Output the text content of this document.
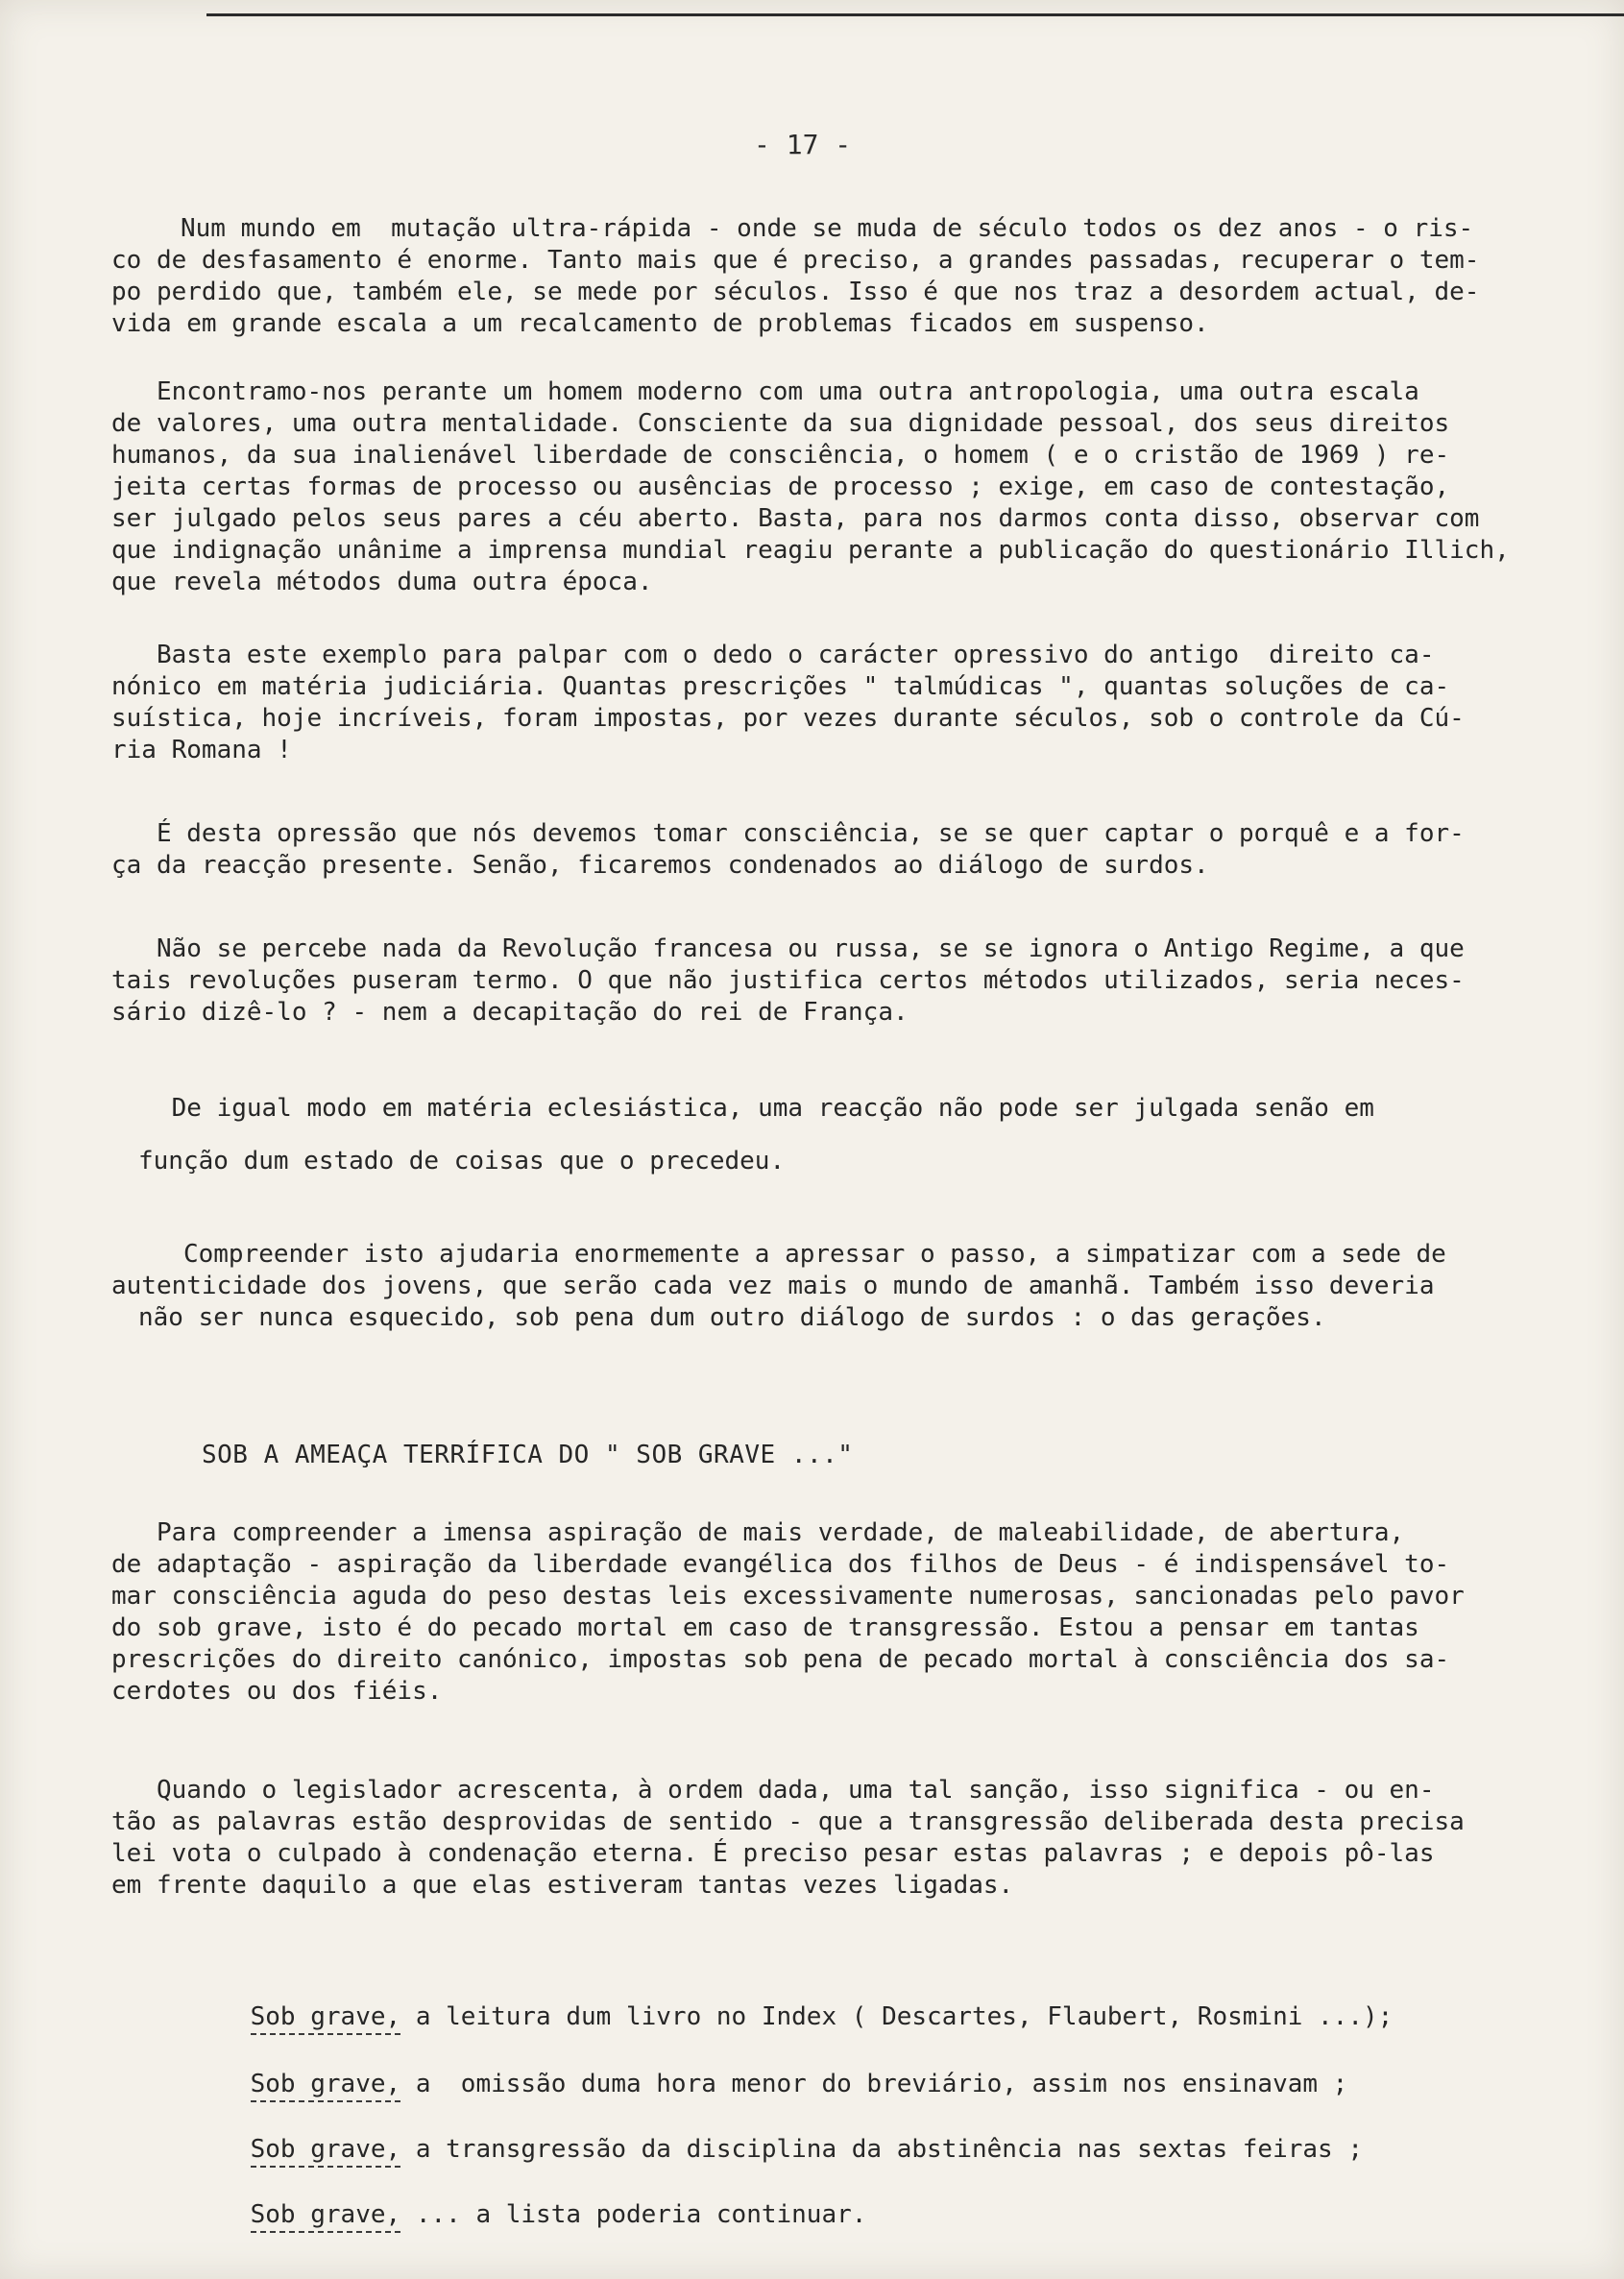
- 17 -
Num mundo em  mutação ultra-rápida - onde se muda de século todos os dez anos - o ris-
co de desfasamento é enorme. Tanto mais que é preciso, a grandes passadas, recuperar o tem-
po perdido que, também ele, se mede por séculos. Isso é que nos traz a desordem actual, de-
vida em grande escala a um recalcamento de problemas ficados em suspenso.
Encontramo-nos perante um homem moderno com uma outra antropologia, uma outra escala
de valores, uma outra mentalidade. Consciente da sua dignidade pessoal, dos seus direitos
humanos, da sua inalienável liberdade de consciência, o homem ( e o cristão de 1969 ) re-
jeita certas formas de processo ou ausências de processo ; exige, em caso de contestação,
ser julgado pelos seus pares a céu aberto. Basta, para nos darmos conta disso, observar com
que indignação unânime a imprensa mundial reagiu perante a publicação do questionário Illich,
que revela métodos duma outra época.
Basta este exemplo para palpar com o dedo o carácter opressivo do antigo  direito ca-
nónico em matéria judiciária. Quantas prescrições " talmúdicas ", quantas soluções de ca-
suística, hoje incríveis, foram impostas, por vezes durante séculos, sob o controle da Cú-
ria Romana !
É desta opressão que nós devemos tomar consciência, se se quer captar o porquê e a for-
ça da reacção presente. Senão, ficaremos condenados ao diálogo de surdos.
Não se percebe nada da Revolução francesa ou russa, se se ignora o Antigo Regime, a que
tais revoluções puseram termo. O que não justifica certos métodos utilizados, seria neces-
sário dizê-lo ? - nem a decapitação do rei de França.
De igual modo em matéria eclesiástica, uma reacção não pode ser julgada senão em
função dum estado de coisas que o precedeu.
Compreender isto ajudaria enormemente a apressar o passo, a simpatizar com a sede de
autenticidade dos jovens, que serão cada vez mais o mundo de amanhã. Também isso deveria
não ser nunca esquecido, sob pena dum outro diálogo de surdos : o das gerações.
SOB A AMEAÇA TERRÍFICA DO " SOB GRAVE ..."
Para compreender a imensa aspiração de mais verdade, de maleabilidade, de abertura,
de adaptação - aspiração da liberdade evangélica dos filhos de Deus - é indispensável to-
mar consciência aguda do peso destas leis excessivamente numerosas, sancionadas pelo pavor
do sob grave, isto é do pecado mortal em caso de transgressão. Estou a pensar em tantas
prescrições do direito canónico, impostas sob pena de pecado mortal à consciência dos sa-
cerdotes ou dos fiéis.
Quando o legislador acrescenta, à ordem dada, uma tal sanção, isso significa - ou en-
tão as palavras estão desprovidas de sentido - que a transgressão deliberada desta precisa
lei vota o culpado à condenação eterna. É preciso pesar estas palavras ; e depois pô-las
em frente daquilo a que elas estiveram tantas vezes ligadas.

Sob grave, a leitura dum livro no Index ( Descartes, Flaubert, Rosmini ...);

Sob grave, a  omissão duma hora menor do breviário, assim nos ensinavam ;

Sob grave, a transgressão da disciplina da abstinência nas sextas feiras ;

Sob grave, ... a lista poderia continuar.
